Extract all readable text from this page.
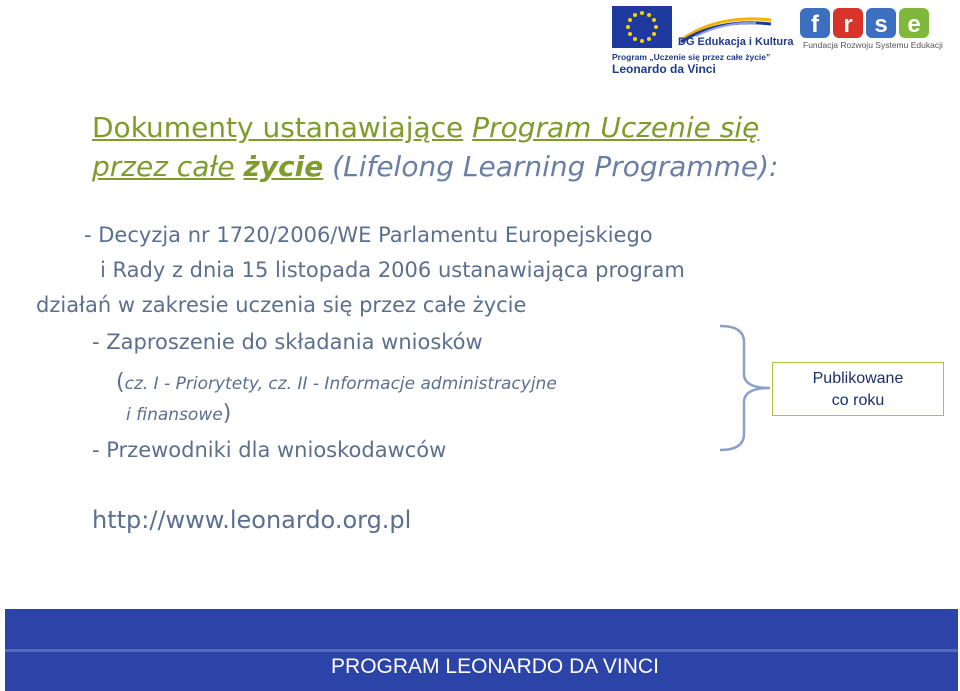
DG Edukacja i Kultura
Program „Uczenie się przez całe życie”
Leonardo da Vinci
f r s e
Fundacja Rozwoju Systemu Edukacji
Dokumenty ustanawiające Program Uczenie się
przez całe życie (Lifelong Learning Programme):
- Decyzja nr 1720/2006/WE Parlamentu Europejskiego
i Rady z dnia 15 listopada 2006 ustanawiająca program
działań w zakresie uczenia się przez całe życie
- Zaproszenie do składania wniosków
(cz. I - Priorytety, cz. II - Informacje administracyjne
i finansowe)
- Przewodniki dla wnioskodawców
Publikowane
co roku
http://www.leonardo.org.pl
PROGRAM LEONARDO DA VINCI
